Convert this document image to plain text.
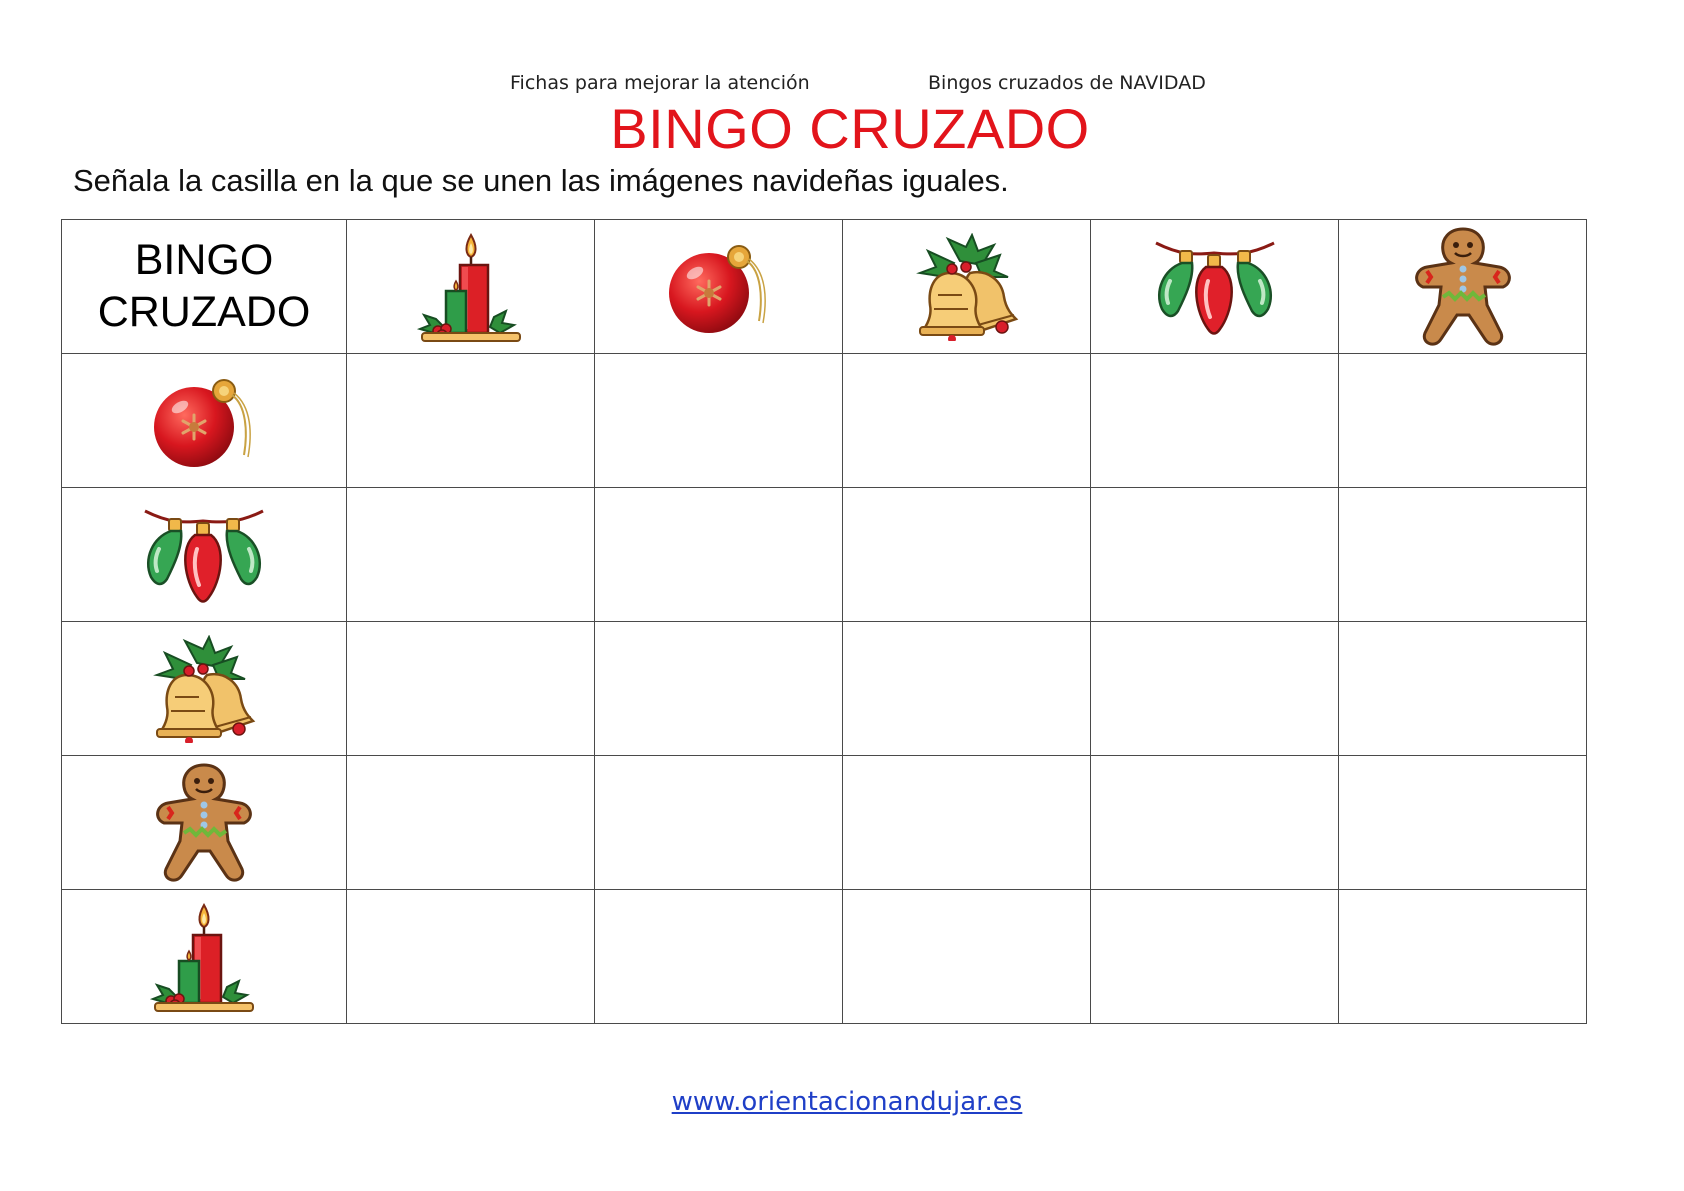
Fichas para mejorar la atención	Bingos cruzados de NAVIDAD
BINGO CRUZADO
Señala la casilla en la que se unen las imágenes navideñas iguales.
BINGO
CRUZADO

www.orientacionandujar.es
